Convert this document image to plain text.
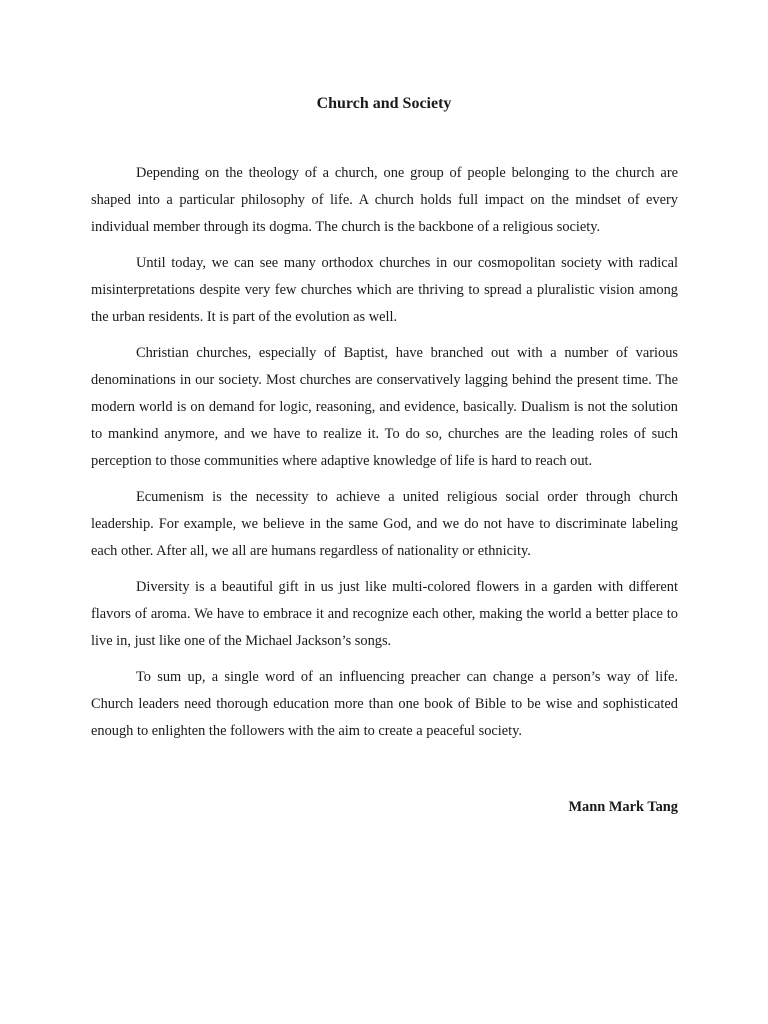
Church and Society

Depending on the theology of a church, one group of people belonging to the church are shaped into a particular philosophy of life. A church holds full impact on the mindset of every individual member through its dogma. The church is the backbone of a religious society.

Until today, we can see many orthodox churches in our cosmopolitan society with radical misinterpretations despite very few churches which are thriving to spread a pluralistic vision among the urban residents. It is part of the evolution as well.

Christian churches, especially of Baptist, have branched out with a number of various denominations in our society. Most churches are conservatively lagging behind the present time. The modern world is on demand for logic, reasoning, and evidence, basically. Dualism is not the solution to mankind anymore, and we have to realize it. To do so, churches are the leading roles of such perception to those communities where adaptive knowledge of life is hard to reach out.

Ecumenism is the necessity to achieve a united religious social order through church leadership. For example, we believe in the same God, and we do not have to discriminate labeling each other. After all, we all are humans regardless of nationality or ethnicity.

Diversity is a beautiful gift in us just like multi-colored flowers in a garden with different flavors of aroma. We have to embrace it and recognize each other, making the world a better place to live in, just like one of the Michael Jackson’s songs.

To sum up, a single word of an influencing preacher can change a person’s way of life. Church leaders need thorough education more than one book of Bible to be wise and sophisticated enough to enlighten the followers with the aim to create a peaceful society.

Mann Mark Tang
